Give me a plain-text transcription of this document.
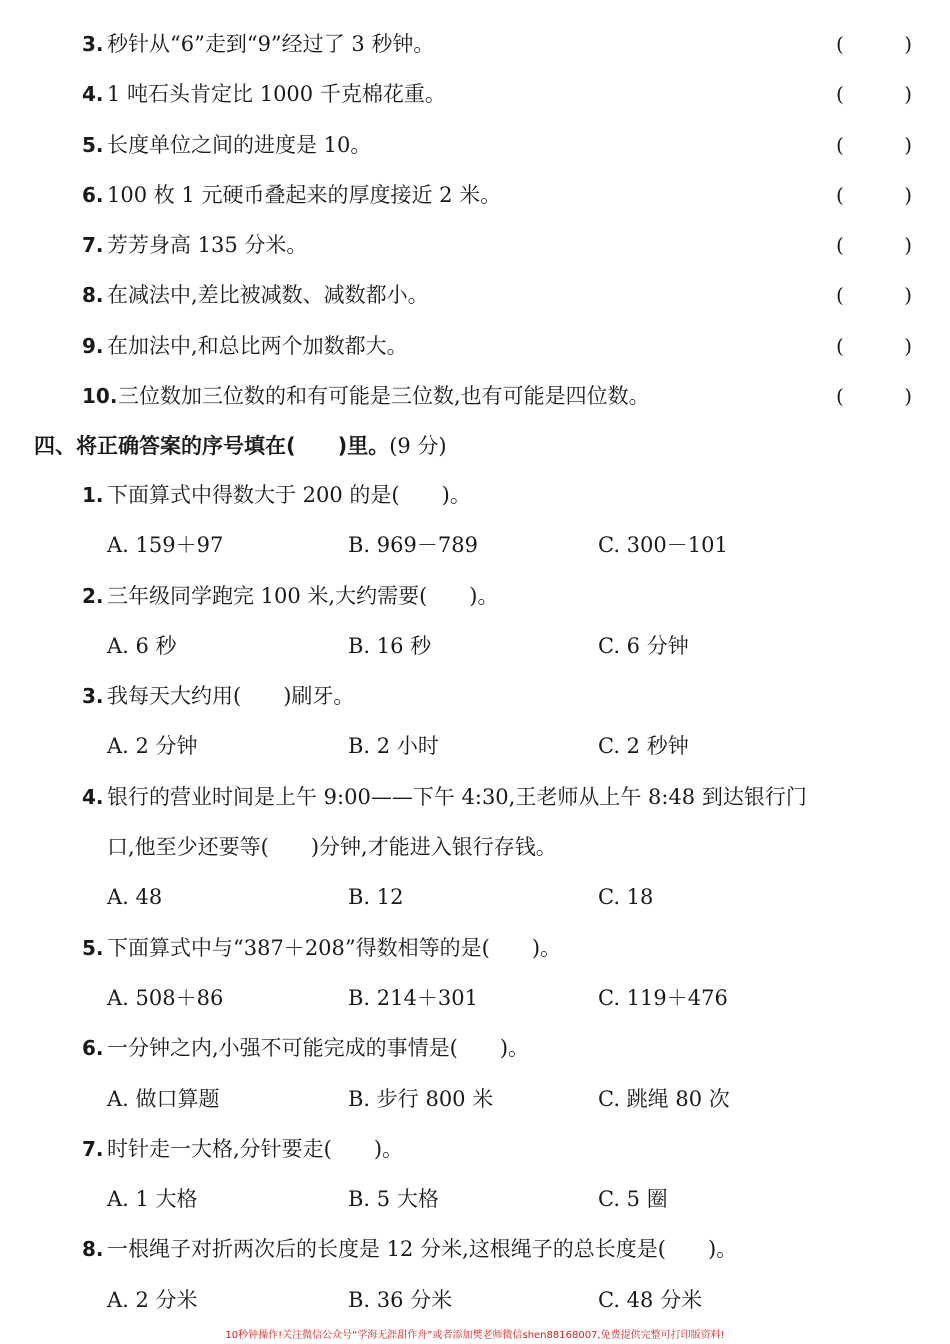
3. 秒针从“6”走到“9”经过了 3 秒钟。	(	)
4. 1 吨石头肯定比 1000 千克棉花重。	(	)
5. 长度单位之间的进度是 10。	(	)
6. 100 枚 1 元硬币叠起来的厚度接近 2 米。	(	)
7. 芳芳身高 135 分米。	(	)
8. 在减法中,差比被减数、减数都小。	(	)
9. 在加法中,和总比两个加数都大。	(	)
10. 三位数加三位数的和有可能是三位数,也有可能是四位数。	(	)
四、将正确答案的序号填在(　　)里。(9 分)
1. 下面算式中得数大于 200 的是(　　)。
A. 159＋97	B. 969－789	C. 300－101
2. 三年级同学跑完 100 米,大约需要(　　)。
A. 6 秒	B. 16 秒	C. 6 分钟
3. 我每天大约用(　　)刷牙。
A. 2 分钟	B. 2 小时	C. 2 秒钟
4. 银行的营业时间是上午 9:00——下午 4:30,王老师从上午 8:48 到达银行门
口,他至少还要等(　　)分钟,才能进入银行存钱。
A. 48	B. 12	C. 18
5. 下面算式中与“387＋208”得数相等的是(　　)。
A. 508＋86	B. 214＋301	C. 119＋476
6. 一分钟之内,小强不可能完成的事情是(　　)。
A. 做口算题	B. 步行 800 米	C. 跳绳 80 次
7. 时针走一大格,分针要走(　　)。
A. 1 大格	B. 5 大格	C. 5 圈
8. 一根绳子对折两次后的长度是 12 分米,这根绳子的总长度是(　　)。
A. 2 分米	B. 36 分米	C. 48 分米
10秒钟操作!关注微信公众号“学海无涯甜作舟”或者添加樊老师微信shen88168007,免费提供完整可打印版资料!
